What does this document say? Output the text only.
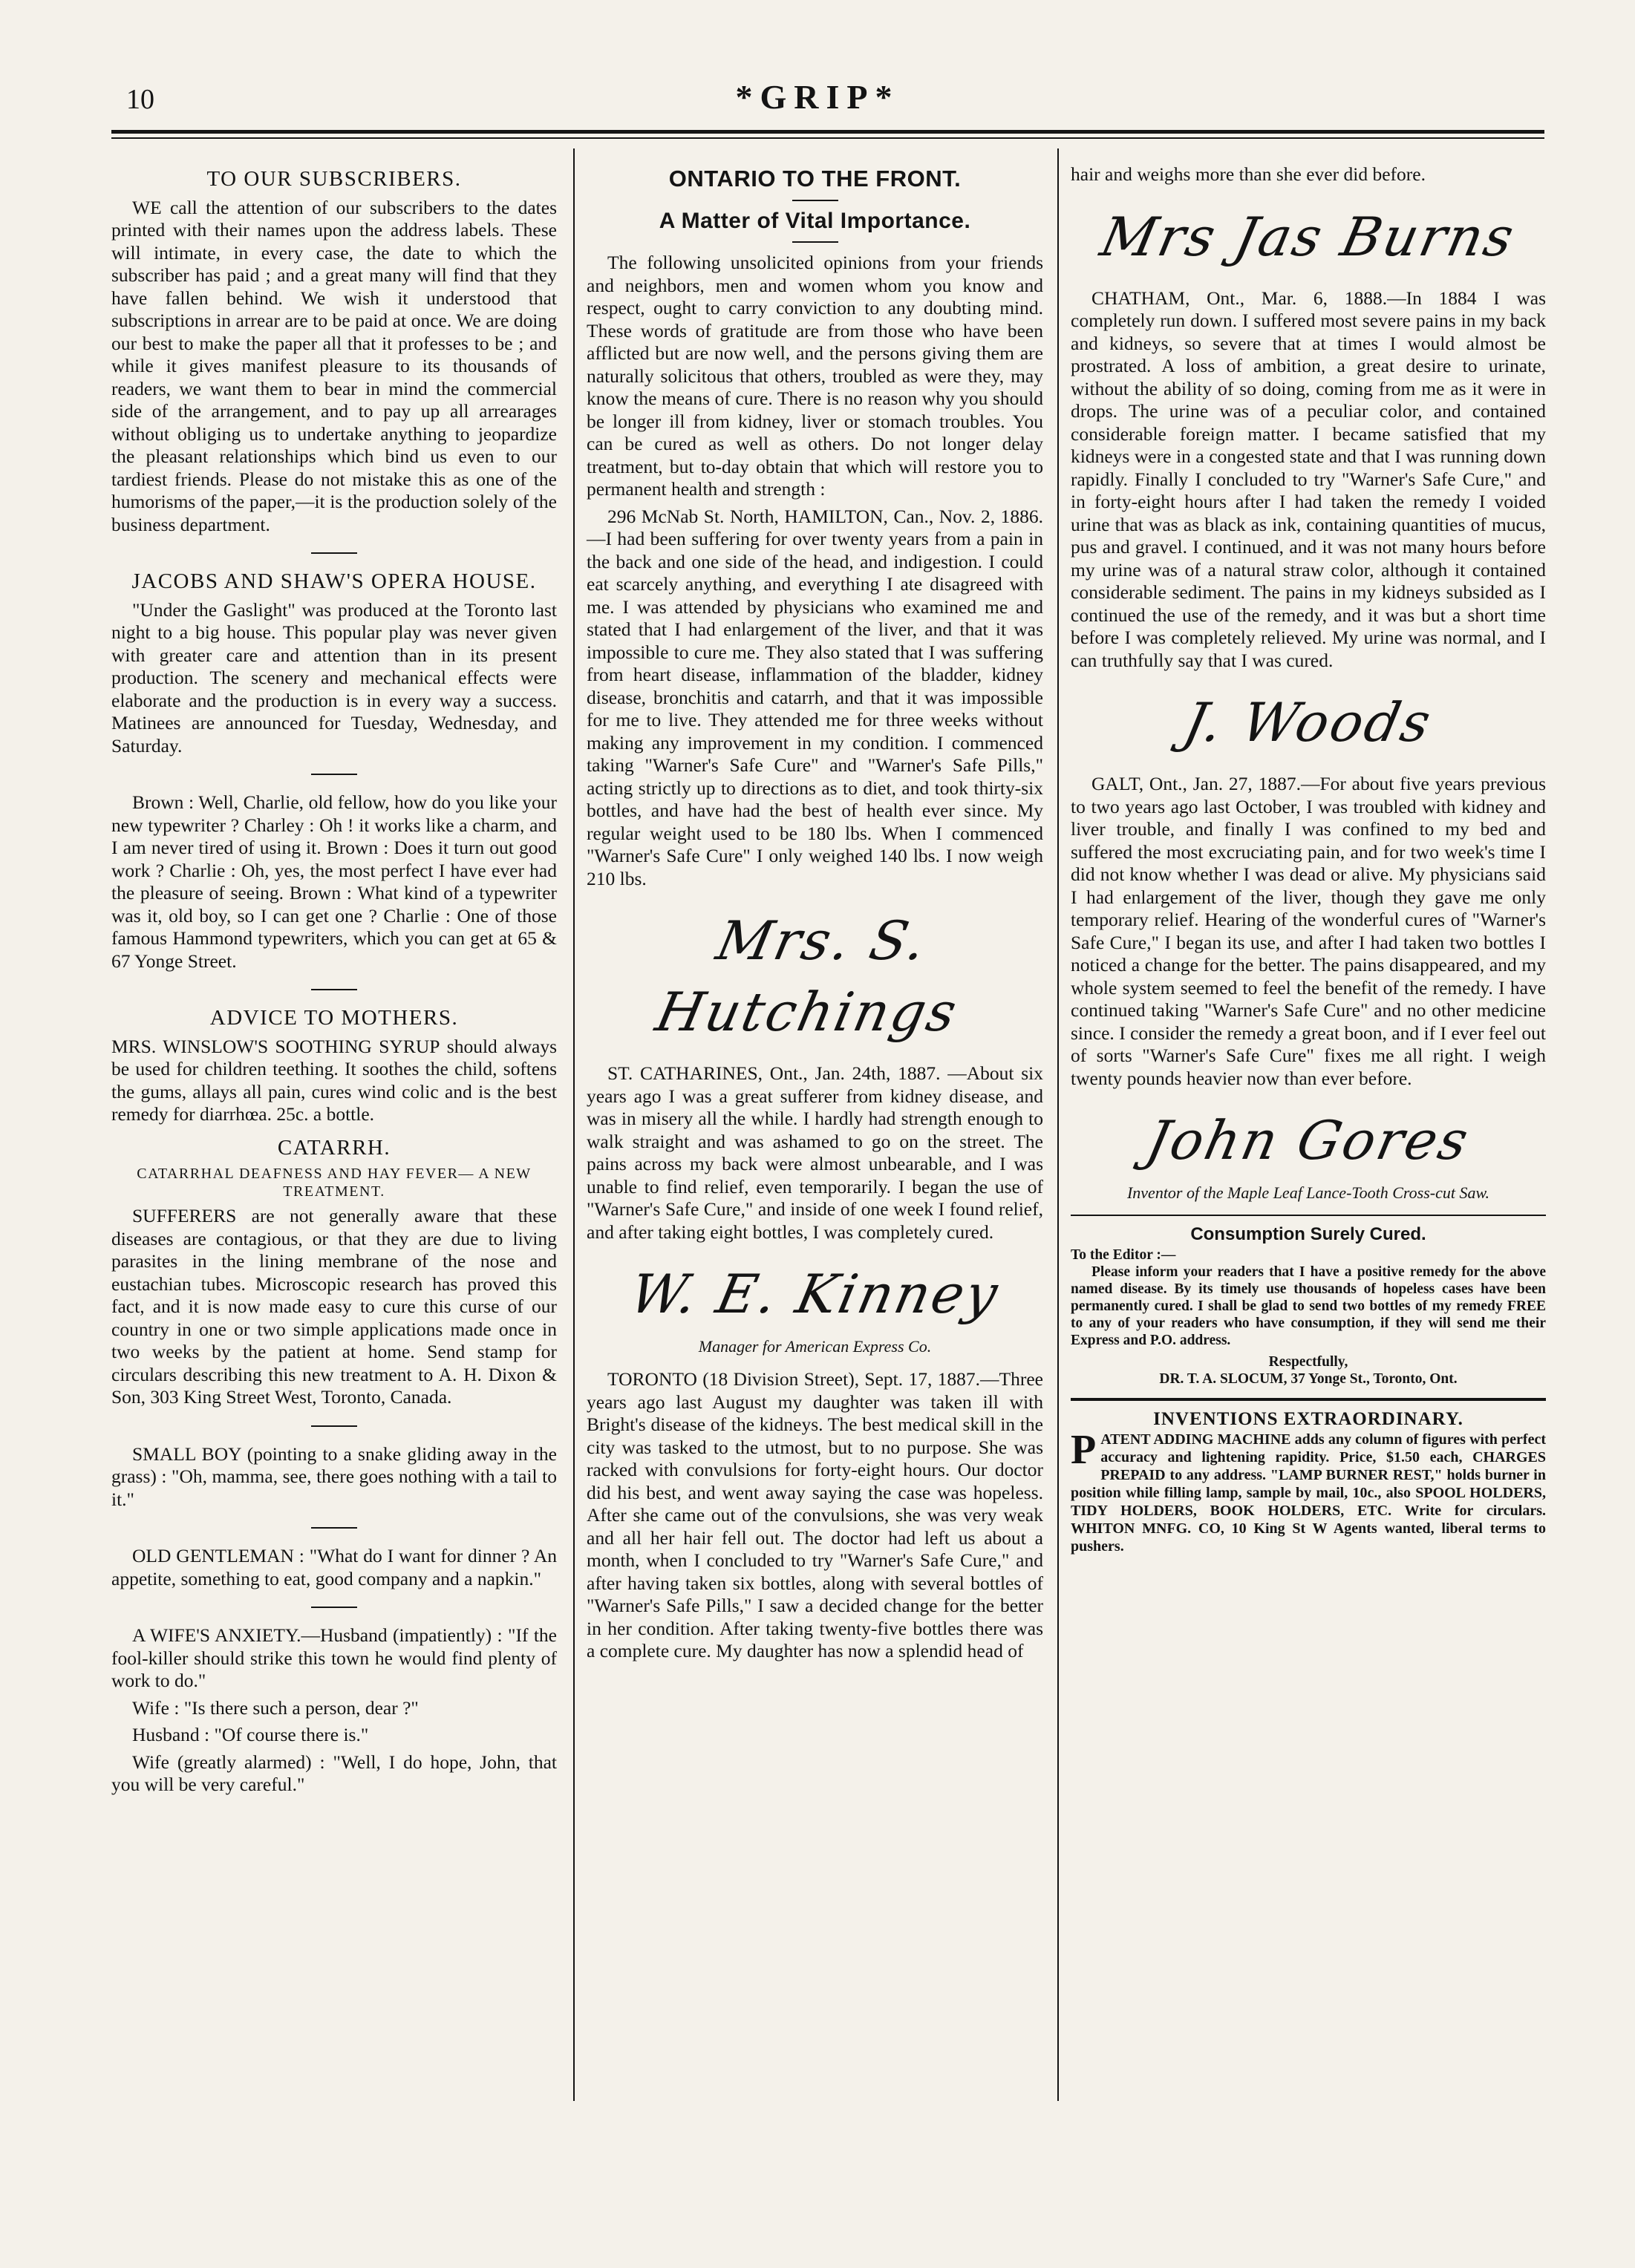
10	*GRIP*
TO OUR SUBSCRIBERS.

WE call the attention of our subscribers to the dates printed with their names upon the address labels. These will intimate, in every case, the date to which the subscriber has paid ; and a great many will find that they have fallen behind. We wish it understood that subscriptions in arrear are to be paid at once. We are doing our best to make the paper all that it professes to be ; and while it gives manifest pleasure to its thousands of readers, we want them to bear in mind the commercial side of the arrangement, and to pay up all arrearages without obliging us to undertake anything to jeopardize the pleasant relationships which bind us even to our tardiest friends. Please do not mistake this as one of the humorisms of the paper,—it is the production solely of the business department.

JACOBS AND SHAW'S OPERA HOUSE.

"Under the Gaslight" was produced at the Toronto last night to a big house. This popular play was never given with greater care and attention than in its present production. The scenery and mechanical effects were elaborate and the production is in every way a success. Matinees are announced for Tuesday, Wednesday, and Saturday.

Brown : Well, Charlie, old fellow, how do you like your new typewriter ? Charley : Oh ! it works like a charm, and I am never tired of using it. Brown : Does it turn out good work ? Charlie : Oh, yes, the most perfect I have ever had the pleasure of seeing. Brown : What kind of a typewriter was it, old boy, so I can get one ? Charlie : One of those famous Hammond typewriters, which you can get at 65 & 67 Yonge Street.

ADVICE TO MOTHERS.

MRS. WINSLOW'S SOOTHING SYRUP should always be used for children teething. It soothes the child, softens the gums, allays all pain, cures wind colic and is the best remedy for diarrhœa. 25c. a bottle.

CATARRH.
CATARRHAL DEAFNESS AND HAY FEVER— A NEW TREATMENT.

SUFFERERS are not generally aware that these diseases are contagious, or that they are due to living parasites in the lining membrane of the nose and eustachian tubes. Microscopic research has proved this fact, and it is now made easy to cure this curse of our country in one or two simple applications made once in two weeks by the patient at home. Send stamp for circulars describing this new treatment to A. H. Dixon & Son, 303 King Street West, Toronto, Canada.

SMALL BOY (pointing to a snake gliding away in the grass) : "Oh, mamma, see, there goes nothing with a tail to it."

OLD GENTLEMAN : "What do I want for dinner ? An appetite, something to eat, good company and a napkin."

A WIFE'S ANXIETY.—Husband (impatiently) : "If the fool-killer should strike this town he would find plenty of work to do."

Wife : "Is there such a person, dear ?"

Husband : "Of course there is."

Wife (greatly alarmed) : "Well, I do hope, John, that you will be very careful."

ONTARIO TO THE FRONT.
A Matter of Vital Importance.

The following unsolicited opinions from your friends and neighbors, men and women whom you know and respect, ought to carry conviction to any doubting mind. These words of gratitude are from those who have been afflicted but are now well, and the persons giving them are naturally solicitous that others, troubled as were they, may know the means of cure. There is no reason why you should be longer ill from kidney, liver or stomach troubles. You can be cured as well as others. Do not longer delay treatment, but to-day obtain that which will restore you to permanent health and strength :

296 McNab St. North, HAMILTON, Can., Nov. 2, 1886.—I had been suffering for over twenty years from a pain in the back and one side of the head, and indigestion. I could eat scarcely anything, and everything I ate disagreed with me. I was attended by physicians who examined me and stated that I had enlargement of the liver, and that it was impossible to cure me. They also stated that I was suffering from heart disease, inflammation of the bladder, kidney disease, bronchitis and catarrh, and that it was impossible for me to live. They attended me for three weeks without making any improvement in my condition. I commenced taking "Warner's Safe Cure" and "Warner's Safe Pills," acting strictly up to directions as to diet, and took thirty-six bottles, and have had the best of health ever since. My regular weight used to be 180 lbs. When I commenced "Warner's Safe Cure" I only weighed 140 lbs. I now weigh 210 lbs.

Mrs. S. Hutchings

ST. CATHARINES, Ont., Jan. 24th, 1887. —About six years ago I was a great sufferer from kidney disease, and was in misery all the while. I hardly had strength enough to walk straight and was ashamed to go on the street. The pains across my back were almost unbearable, and I was unable to find relief, even temporarily. I began the use of "Warner's Safe Cure," and inside of one week I found relief, and after taking eight bottles, I was completely cured.

W. E. Kinney
Manager for American Express Co.

TORONTO (18 Division Street), Sept. 17, 1887.—Three years ago last August my daughter was taken ill with Bright's disease of the kidneys. The best medical skill in the city was tasked to the utmost, but to no purpose. She was racked with convulsions for forty-eight hours. Our doctor did his best, and went away saying the case was hopeless. After she came out of the convulsions, she was very weak and all her hair fell out. The doctor had left us about a month, when I concluded to try "Warner's Safe Cure," and after having taken six bottles, along with several bottles of "Warner's Safe Pills," I saw a decided change for the better in her condition. After taking twenty-five bottles there was a complete cure. My daughter has now a splendid head of

hair and weighs more than she ever did before.

Mrs Jas Burns

CHATHAM, Ont., Mar. 6, 1888.—In 1884 I was completely run down. I suffered most severe pains in my back and kidneys, so severe that at times I would almost be prostrated. A loss of ambition, a great desire to urinate, without the ability of so doing, coming from me as it were in drops. The urine was of a peculiar color, and contained considerable foreign matter. I became satisfied that my kidneys were in a congested state and that I was running down rapidly. Finally I concluded to try "Warner's Safe Cure," and in forty-eight hours after I had taken the remedy I voided urine that was as black as ink, containing quantities of mucus, pus and gravel. I continued, and it was not many hours before my urine was of a natural straw color, although it contained considerable sediment. The pains in my kidneys subsided as I continued the use of the remedy, and it was but a short time before I was completely relieved. My urine was normal, and I can truthfully say that I was cured.

J. Woods

GALT, Ont., Jan. 27, 1887.—For about five years previous to two years ago last October, I was troubled with kidney and liver trouble, and finally I was confined to my bed and suffered the most excruciating pain, and for two week's time I did not know whether I was dead or alive. My physicians said I had enlargement of the liver, though they gave me only temporary relief. Hearing of the wonderful cures of "Warner's Safe Cure," I began its use, and after I had taken two bottles I noticed a change for the better. The pains disappeared, and my whole system seemed to feel the benefit of the remedy. I have continued taking "Warner's Safe Cure" and no other medicine since. I consider the remedy a great boon, and if I ever feel out of sorts "Warner's Safe Cure" fixes me all right. I weigh twenty pounds heavier now than ever before.

John Gores
Inventor of the Maple Leaf Lance-Tooth Cross-cut Saw.
Consumption Surely Cured.
To the Editor :—

Please inform your readers that I have a positive remedy for the above named disease. By its timely use thousands of hopeless cases have been permanently cured. I shall be glad to send two bottles of my remedy FREE to any of your readers who have consumption, if they will send me their Express and P.O. address.

Respectfully,
DR. T. A. SLOCUM, 37 Yonge St., Toronto, Ont.
INVENTIONS EXTRAORDINARY.

PATENT ADDING MACHINE adds any column of figures with perfect accuracy and lightening rapidity. Price, $1.50 each, CHARGES PREPAID to any address. "LAMP BURNER REST," holds burner in position while filling lamp, sample by mail, 10c., also SPOOL HOLDERS, TIDY HOLDERS, BOOK HOLDERS, ETC. Write for circulars. WHITON MNFG. CO, 10 King St W Agents wanted, liberal terms to pushers.
